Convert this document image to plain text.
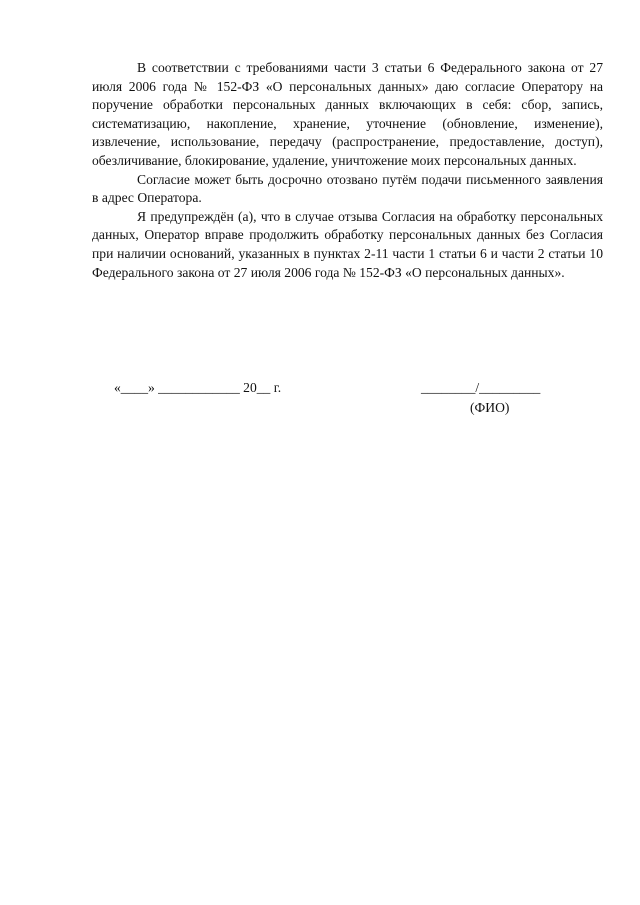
В соответствии с требованиями части 3 статьи 6 Федерального закона от 27 июля 2006 года № 152-ФЗ «О персональных данных» даю согласие Оператору на поручение обработки персональных данных включающих в себя: сбор, запись, систематизацию, накопление, хранение, уточнение (обновление, изменение), извлечение, использование, передачу (распространение, предоставление, доступ), обезличивание, блокирование, удаление, уничтожение моих персональных данных.

Согласие может быть досрочно отозвано путём подачи письменного заявления в адрес Оператора.

Я предупреждён (а), что в случае отзыва Согласия на обработку персональных данных, Оператор вправе продолжить обработку персональных данных без Согласия при наличии оснований, указанных в пунктах 2-11 части 1 статьи 6 и части 2 статьи 10 Федерального закона от 27 июля 2006 года № 152-ФЗ «О персональных данных».

«____» ____________ 20__ г.	________/_________
(ФИО)
